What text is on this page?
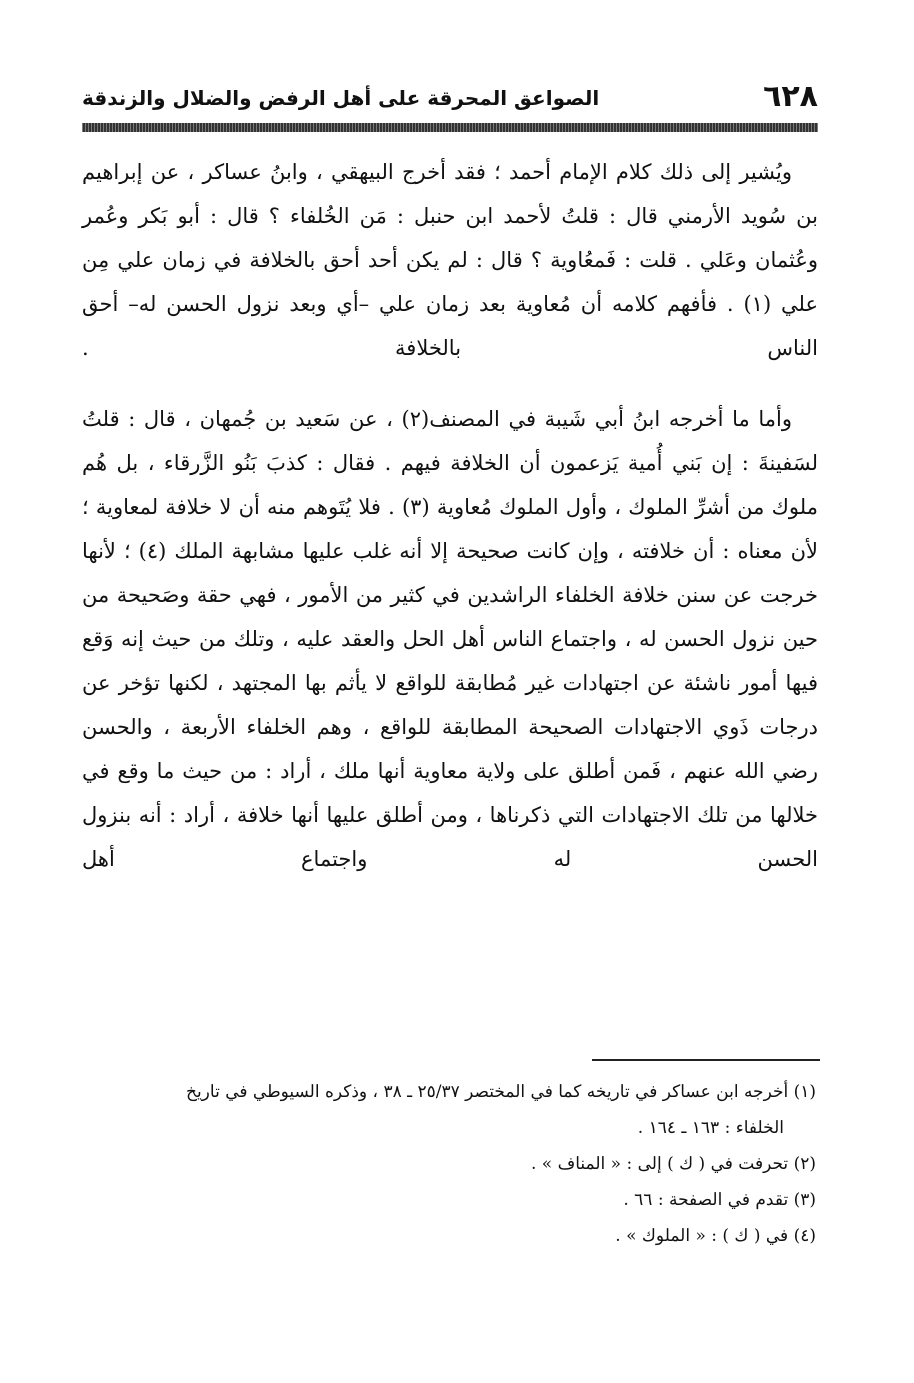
٦٢٨
الصواعق المحرقة على أهل الرفض والضلال والزندقة

ويُشير إلى ذلك كلام الإمام أحمد ؛ فقد أخرج البيهقي ، وابنُ عساكر ، عن إبراهيم بن سُويد الأرمني قال : قلتُ لأحمد ابن حنبل : مَن الخُلفاء ؟ قال : أبو بَكر وعُمر وعُثمان وعَلي . قلت : فَمعُاوية ؟ قال : لم يكن أحد أحق بالخلافة في زمان علي مِن علي (١) . فأفهم كلامه أن مُعاوية بعد زمان علي –أي وبعد نزول الحسن له– أحق الناس بالخلافة .

وأما ما أخرجه ابنُ أبي شَيبة في المصنف(٢) ، عن سَعيد بن جُمهان ، قال : قلتُ لسَفينةَ : إن بَني أُمية يَزعمون أن الخلافة فيهم . فقال : كذبَ بَنُو الزَّرقاء ، بل هُم ملوك من أشرِّ الملوك ، وأول الملوك مُعاوية (٣) . فلا يُتَوهم منه أن لا خلافة لمعاوية ؛ لأن معناه : أن خلافته ، وإن كانت صحيحة إلا أنه غلب عليها مشابهة الملك (٤) ؛ لأنها خرجت عن سنن خلافة الخلفاء الراشدين في كثير من الأمور ، فهي حقة وصَحيحة من حين نزول الحسن له ، واجتماع الناس أهل الحل والعقد عليه ، وتلك من حيث إنه وَقع فيها أمور ناشئة عن اجتهادات غير مُطابقة للواقع لا يأثم بها المجتهد ، لكنها تؤخر عن درجات ذَوي الاجتهادات الصحيحة المطابقة للواقع ، وهم الخلفاء الأربعة ، والحسن رضي الله عنهم ، فَمن أطلق على ولاية معاوية أنها ملك ، أراد : من حيث ما وقع في خلالها من تلك الاجتهادات التي ذكرناها ، ومن أطلق عليها أنها خلافة ، أراد : أنه بنزول الحسن له واجتماع أهل

(١) أخرجه ابن عساكر في تاريخه كما في المختصر ٢٥/٣٧ ـ ٣٨ ، وذكره السيوطي في تاريخ

الخلفاء : ١٦٣ ـ ١٦٤ .

(٢) تحرفت في ( ك ) إلى : « المناف » .

(٣) تقدم في الصفحة : ٦٦ .

(٤) في ( ك ) : « الملوك » .
